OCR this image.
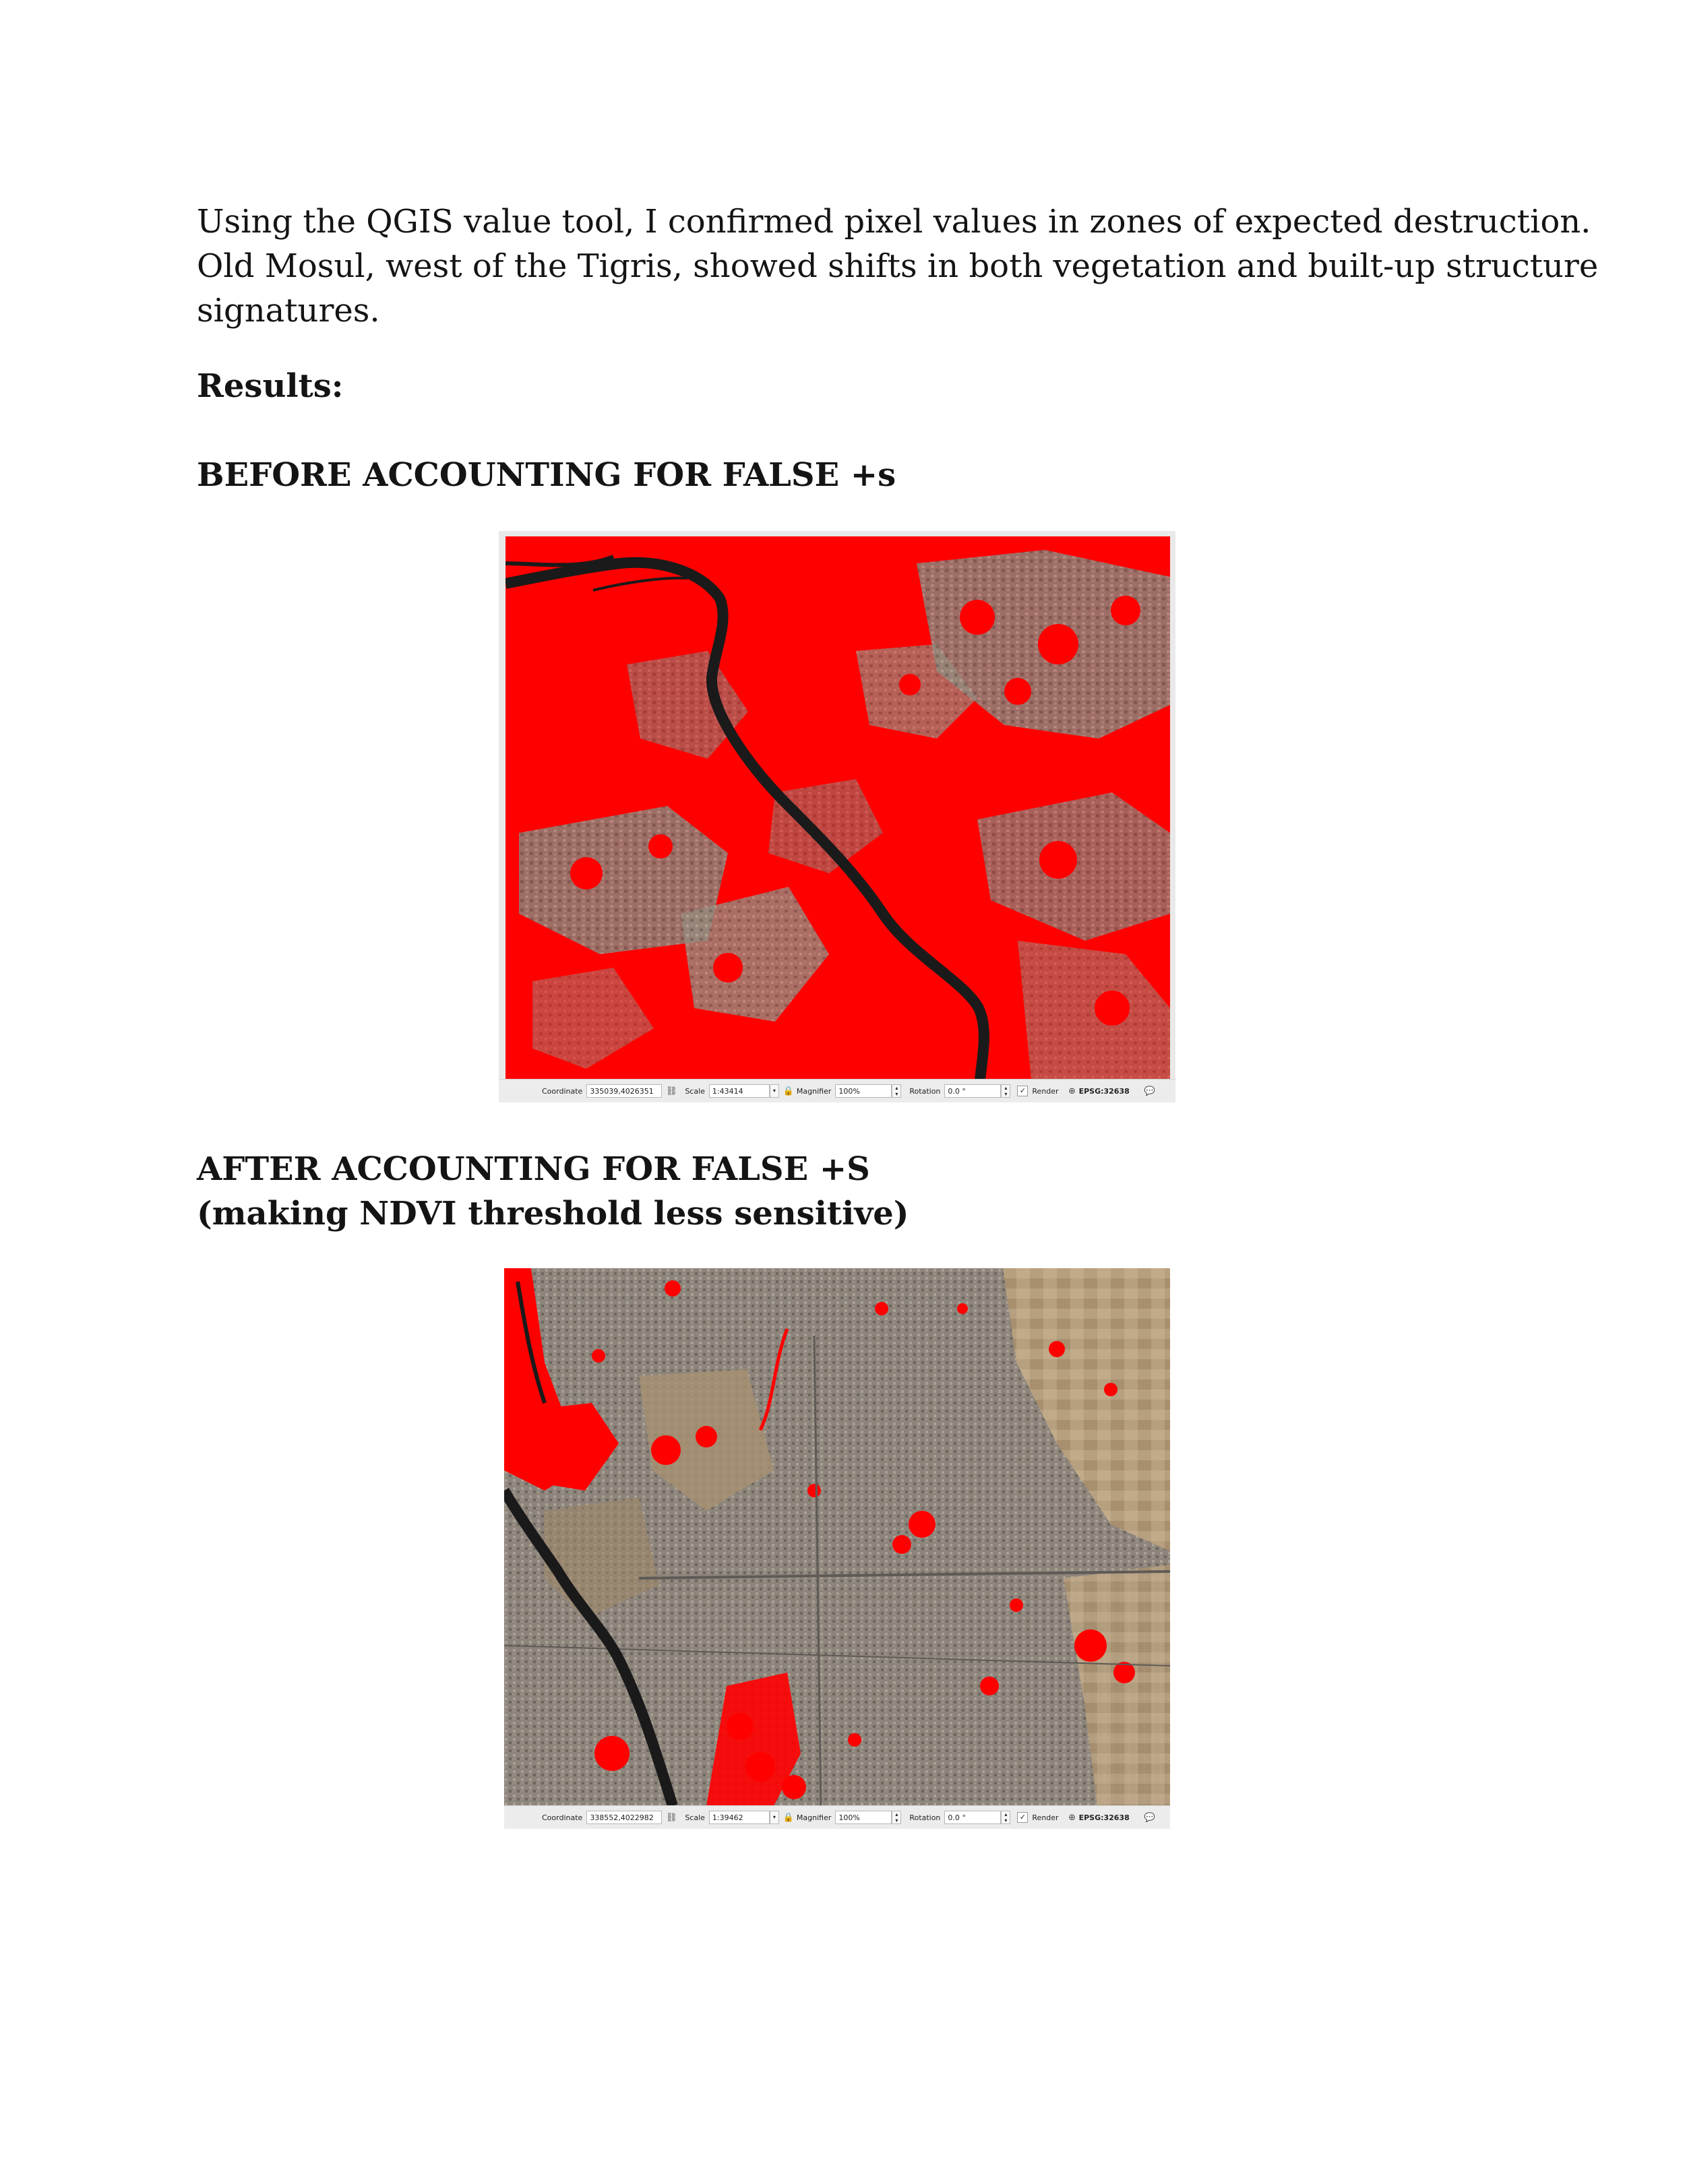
Using the QGIS value tool, I confirmed pixel values in zones of expected destruction.
Old Mosul, west of the Tigris, showed shifts in both vegetation and built-up structure
signatures.

Results:
BEFORE ACCOUNTING FOR FALSE +s
Coordinate	335039,4026351	⛓ Scale	1:43414	▾ 🔒 Magnifier	100%	▴
▾	Rotation	0.0 °	▴
▾	✓ Render ⊕ EPSG:32638 💬
AFTER ACCOUNTING FOR FALSE +S
(making NDVI threshold less sensitive)
Coordinate	338552,4022982	⛓ Scale	1:39462	▾ 🔒 Magnifier	100%	▴
▾	Rotation	0.0 °	▴
▾	✓ Render ⊕ EPSG:32638 💬
